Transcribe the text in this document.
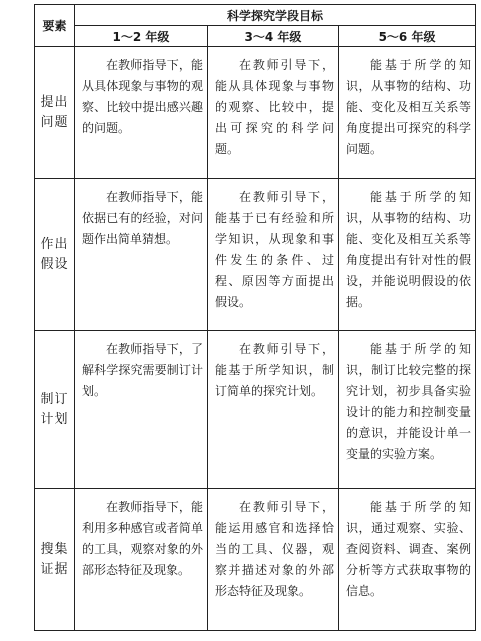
要素	科学探究学段目标		
	1～2 年级	3～4 年级	5～6 年级
提出
问题	在教师指导下，能从具体现象与事物的观察、比较中提出感兴趣的问题。	在教师引导下，能从具体现象与事物的观察、比较中，提出可探究的科学问题。	能基于所学的知识，从事物的结构、功能、变化及相互关系等角度提出可探究的科学问题。

作出
假设	在教师指导下，能依据已有的经验，对问题作出简单猜想。	在教师引导下，能基于已有经验和所学知识，从现象和事件发生的条件、过程、原因等方面提出假设。	能基于所学的知识，从事物的结构、功能、变化及相互关系等角度提出有针对性的假设，并能说明假设的依据。

制订
计划	在教师指导下，了解科学探究需要制订计划。	在教师引导下，能基于所学知识，制订简单的探究计划。	能基于所学的知识，制订比较完整的探究计划，初步具备实验设计的能力和控制变量的意识，并能设计单一变量的实验方案。

搜集
证据	在教师指导下，能利用多种感官或者简单的工具，观察对象的外部形态特征及现象。	在教师引导下，能运用感官和选择恰当的工具、仪器，观察并描述对象的外部形态特征及现象。	能基于所学的知识，通过观察、实验、查阅资料、调查、案例分析等方式获取事物的信息。
